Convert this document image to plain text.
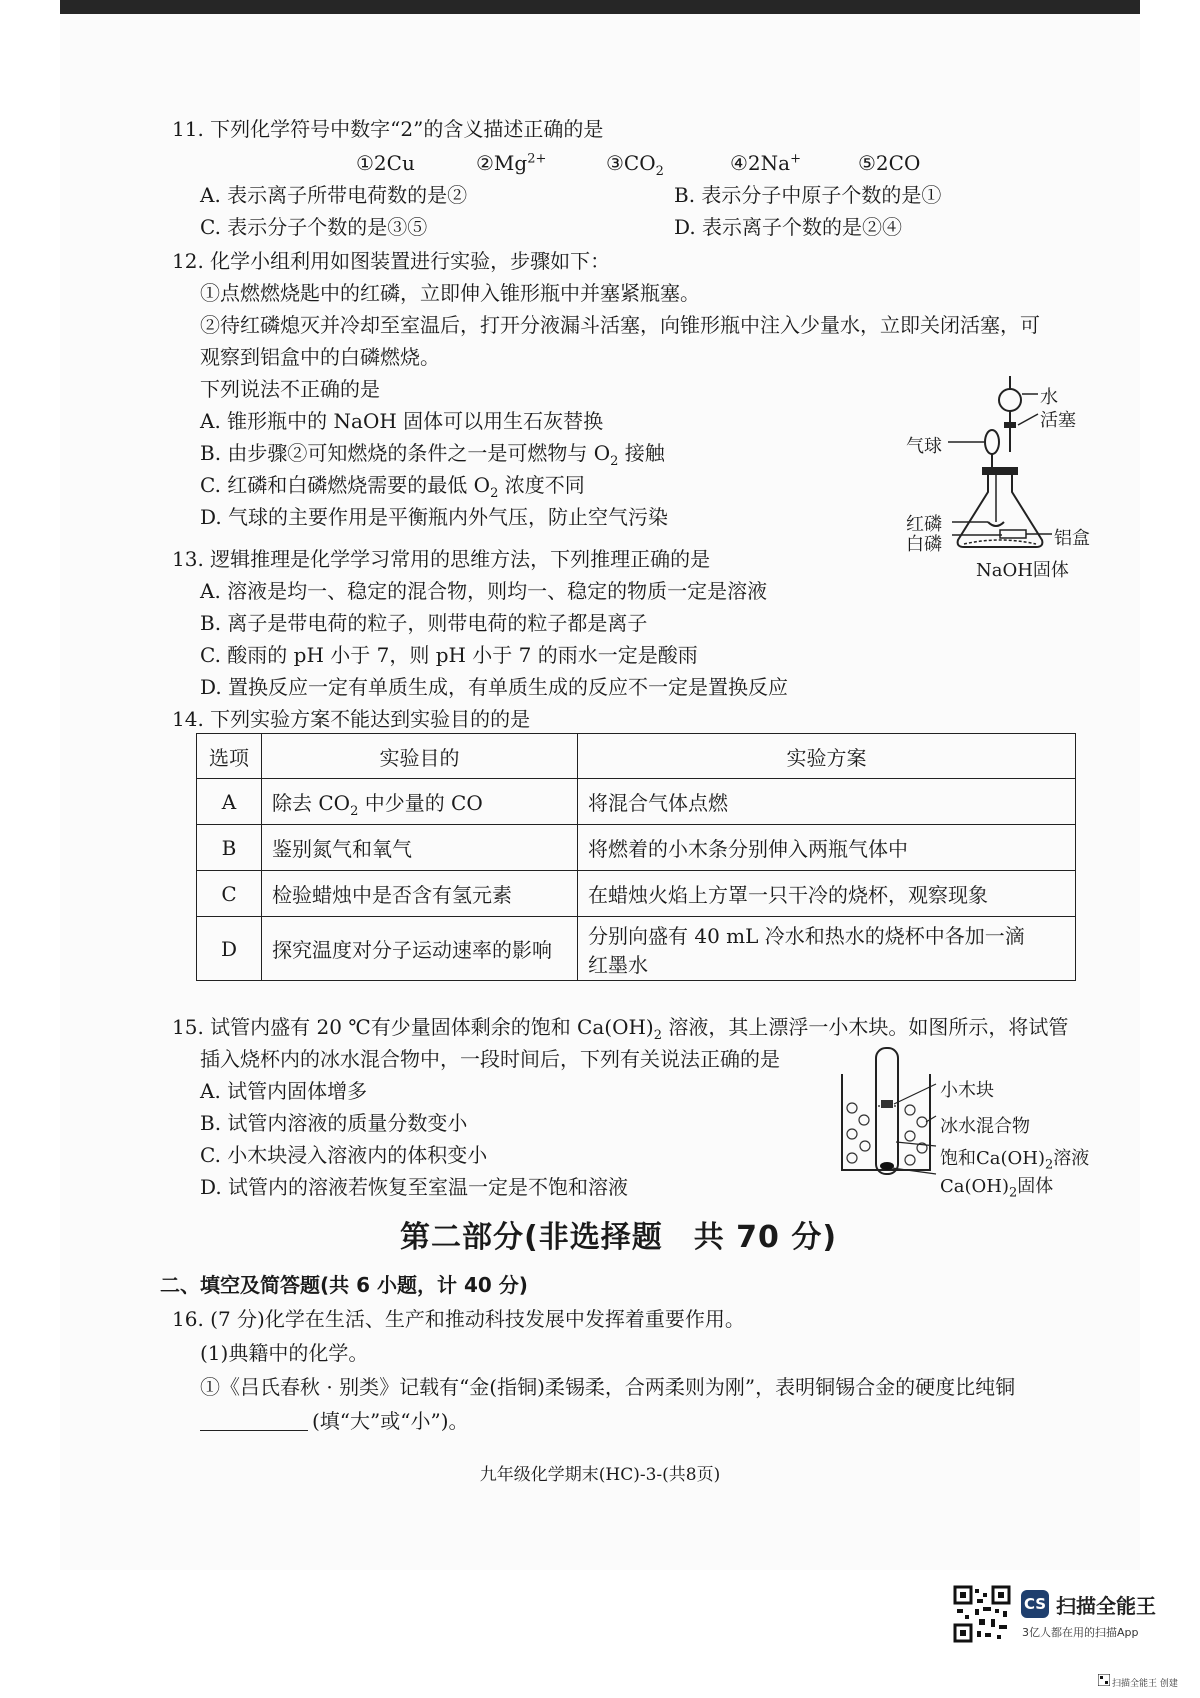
11. 下列化学符号中数字“2”的含义描述正确的是
①2Cu	$②Mg^{2+}$	$③CO_2$	④2Na+	⑤2CO
A. 表示离子所带电荷数的是②	B. 表示分子中原子个数的是①
C. 表示分子个数的是③⑤	D. 表示离子个数的是②④
12. 化学小组利用如图装置进行实验，步骤如下：
①点燃燃烧匙中的红磷，立即伸入锥形瓶中并塞紧瓶塞。
②待红磷熄灭并冷却至室温后，打开分液漏斗活塞，向锥形瓶中注入少量水，立即关闭活塞，可
观察到铝盒中的白磷燃烧。
下列说法不正确的是
A. 锥形瓶中的 NaOH 固体可以用生石灰替换
B. 由步骤②可知燃烧的条件之一是可燃物与 $O_2$ 接触
C. 红磷和白磷燃烧需要的最低 $O_2$ 浓度不同
D. 气球的主要作用是平衡瓶内外气压，防止空气污染
水
活塞
气球
红磷
白磷	铝盒
NaOH固体
13. 逻辑推理是化学学习常用的思维方法，下列推理正确的是
A. 溶液是均一、稳定的混合物，则均一、稳定的物质一定是溶液
B. 离子是带电荷的粒子，则带电荷的粒子都是离子
C. 酸雨的 pH 小于 7，则 pH 小于 7 的雨水一定是酸雨
D. 置换反应一定有单质生成，有单质生成的反应不一定是置换反应
14. 下列实验方案不能达到实验目的的是
选项	实验目的	实验方案
A	除去 $CO_2$ 中少量的 CO	将混合气体点燃
B	鉴别氮气和氧气	将燃着的小木条分别伸入两瓶气体中
C	检验蜡烛中是否含有氢元素	在蜡烛火焰上方罩一只干冷的烧杯，观察现象
D	探究温度对分子运动速率的影响	分别向盛有 40 mL 冷水和热水的烧杯中各加一滴
红墨水
15. 试管内盛有 20 ℃有少量固体剩余的饱和 $Ca(OH)_2$ 溶液，其上漂浮一小木块。如图所示，将试管
插入烧杯内的冰水混合物中，一段时间后，下列有关说法正确的是
A. 试管内固体增多
B. 试管内溶液的质量分数变小
C. 小木块浸入溶液内的体积变小
D. 试管内的溶液若恢复至室温一定是不饱和溶液
小木块
冰水混合物
饱和$Ca(OH)_2$溶液
$Ca(OH)_2$固体
第二部分(非选择题　共 70 分)
二、填空及简答题(共 6 小题，计 40 分)
16. (7 分)化学在生活、生产和推动科技发展中发挥着重要作用。
(1)典籍中的化学。
①《吕氏春秋 · 别类》记载有“金(指铜)柔锡柔，合两柔则为刚”，表明铜锡合金的硬度比纯铜
(填“大”或“小”)。
九年级化学期末(HC)-3-(共8页)
CS 扫描全能王
3亿人都在用的扫描App
扫描全能王 创建
